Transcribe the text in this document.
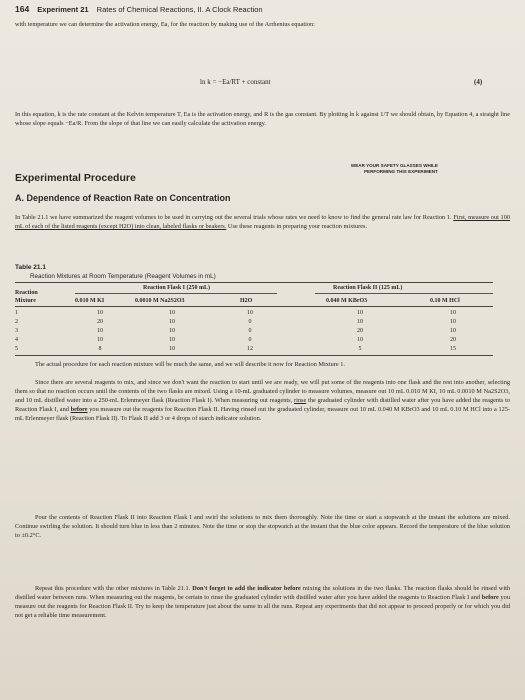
164 Experiment 21 Rates of Chemical Reactions, II. A Clock Reaction

with temperature we can determine the activation energy, Ea, for the reaction by making use of the Arrhenius equation:

ln k = −Ea/RT + constant	(4)

In this equation, k is the rate constant at the Kelvin temperature T, Ea is the activation energy, and R is the gas constant. By plotting ln k against 1/T we should obtain, by Equation 4, a straight line whose slope equals −Ea/R. From the slope of that line we can easily calculate the activation energy.

WEAR YOUR SAFETY GLASSES WHILE
PERFORMING THIS EXPERIMENT
Experimental Procedure
A. Dependence of Reaction Rate on Concentration

In Table 21.1 we have summarized the reagent volumes to be used in carrying out the several trials whose rates we need to know to find the general rate law for Reaction 1. First, measure out 100 mL of each of the listed reagents (except H2O) into clean, labeled flasks or beakers. Use these reagents in preparing your reaction mixtures.

Table 21.1
Reaction Mixtures at Room Temperature (Reagent Volumes in mL)
Reaction Flask I (250 mL)	Reaction Flask II (125 mL)
Reaction
Mixture	0.010 M KI	0.0010 M Na2S2O3	H2O	0.040 M KBrO3	0.10 M HCl
1	10	10	10	10	10
2	20	10	0	10	10
3	10	10	0	20	10
4	10	10	0	10	20
5	8	10	12	5	15

The actual procedure for each reaction mixture will be much the same, and we will describe it now for Reaction Mixture 1.

Since there are several reagents to mix, and since we don't want the reaction to start until we are ready, we will put some of the reagents into one flask and the rest into another, selecting them so that no reaction occurs until the contents of the two flasks are mixed. Using a 10-mL graduated cylinder to measure volumes, measure out 10 mL 0.010 M KI, 10 mL 0.0010 M Na2S2O3, and 10 mL distilled water into a 250-mL Erlenmeyer flask (Reaction Flask I). When measuring out reagents, rinse the graduated cylinder with distilled water after you have added the reagents to Reaction Flask I, and before you measure out the reagents for Reaction Flask II. Having rinsed out the graduated cylinder, measure out 10 mL 0.040 M KBrO3 and 10 mL 0.10 M HCl into a 125-mL Erlenmeyer flask (Reaction Flask II). To Flask II add 3 or 4 drops of starch indicator solution.

Pour the contents of Reaction Flask II into Reaction Flask I and swirl the solutions to mix them thoroughly. Note the time or start a stopwatch at the instant the solutions are mixed. Continue swirling the solution. It should turn blue in less than 2 minutes. Note the time or stop the stopwatch at the instant that the blue color appears. Record the temperature of the blue solution to ±0.2°C.

Repeat this procedure with the other mixtures in Table 21.1. Don't forget to add the indicator before mixing the solutions in the two flasks. The reaction flasks should be rinsed with distilled water between runs. When measuring out the reagents, be certain to rinse the graduated cylinder with distilled water after you have added the reagents to Reaction Flask I and before you measure out the reagents for Reaction Flask II. Try to keep the temperature just about the same in all the runs. Repeat any experiments that did not appear to proceed properly or for which you did not get a reliable time measurement.
